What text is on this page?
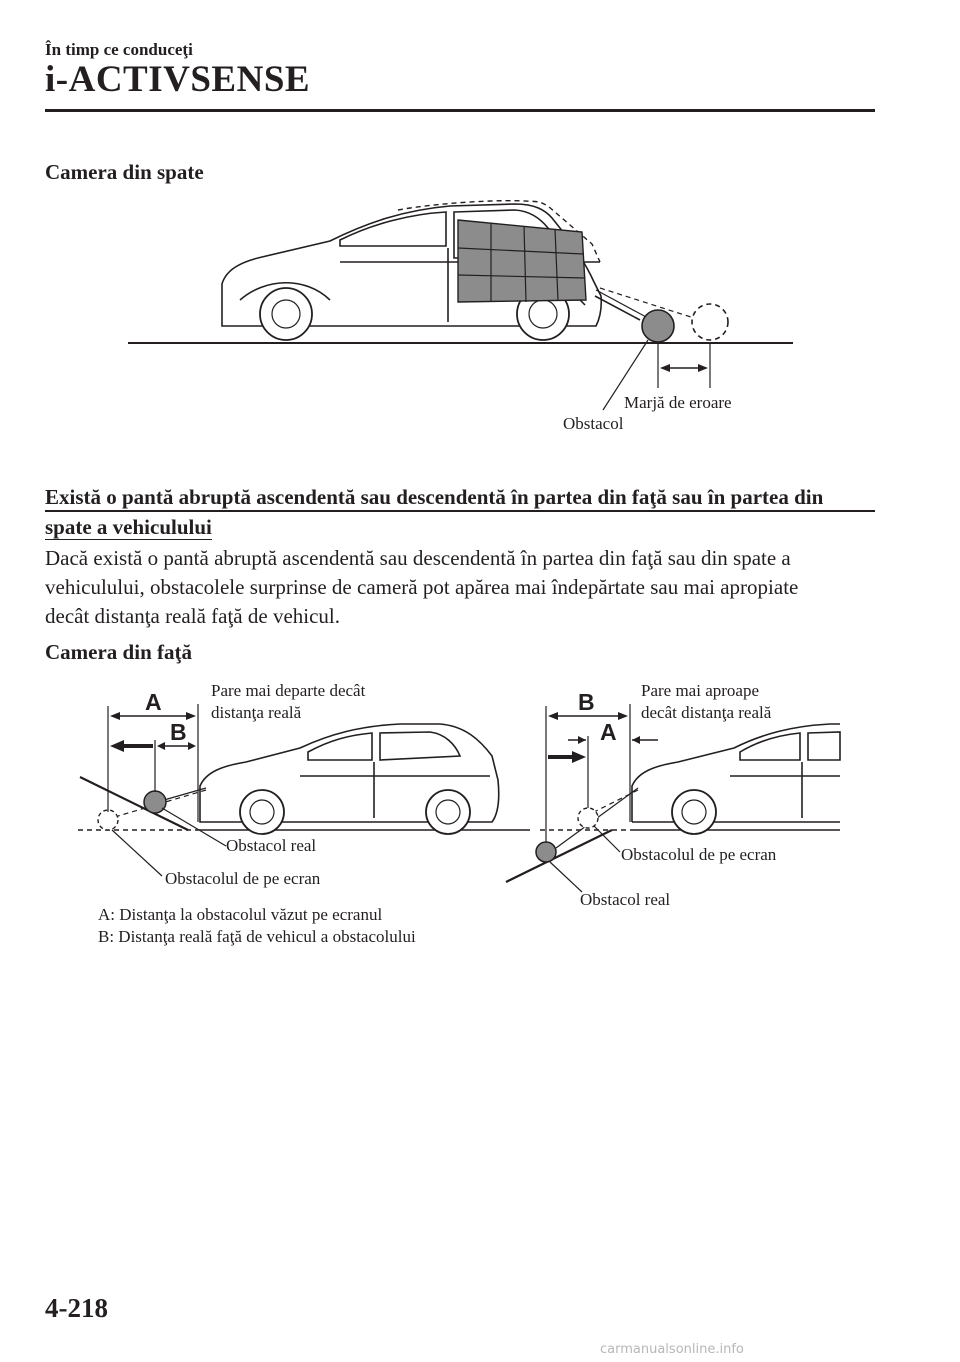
În timp ce conduceţi
i-ACTIVSENSE
Camera din spate
Marjă de eroare
Obstacol
Există o pantă abruptă ascendentă sau descendentă în partea din faţă sau în partea din
spate a vehiculului
Dacă există o pantă abruptă ascendentă sau descendentă în partea din faţă sau din spate a
vehiculului, obstacolele surprinse de cameră pot apărea mai îndepărtate sau mai apropiate
decât distanţa reală faţă de vehicul.
Camera din faţă
A
B
B
A
Pare mai departe decât
distanţa reală
Obstacol real
Obstacolul de pe ecran
Pare mai aproape
decât distanţa reală
Obstacolul de pe ecran
Obstacol real
A: Distanţa la obstacolul văzut pe ecranul
B: Distanţa reală faţă de vehicul a obstacolului
4-218
carmanualsonline.info
